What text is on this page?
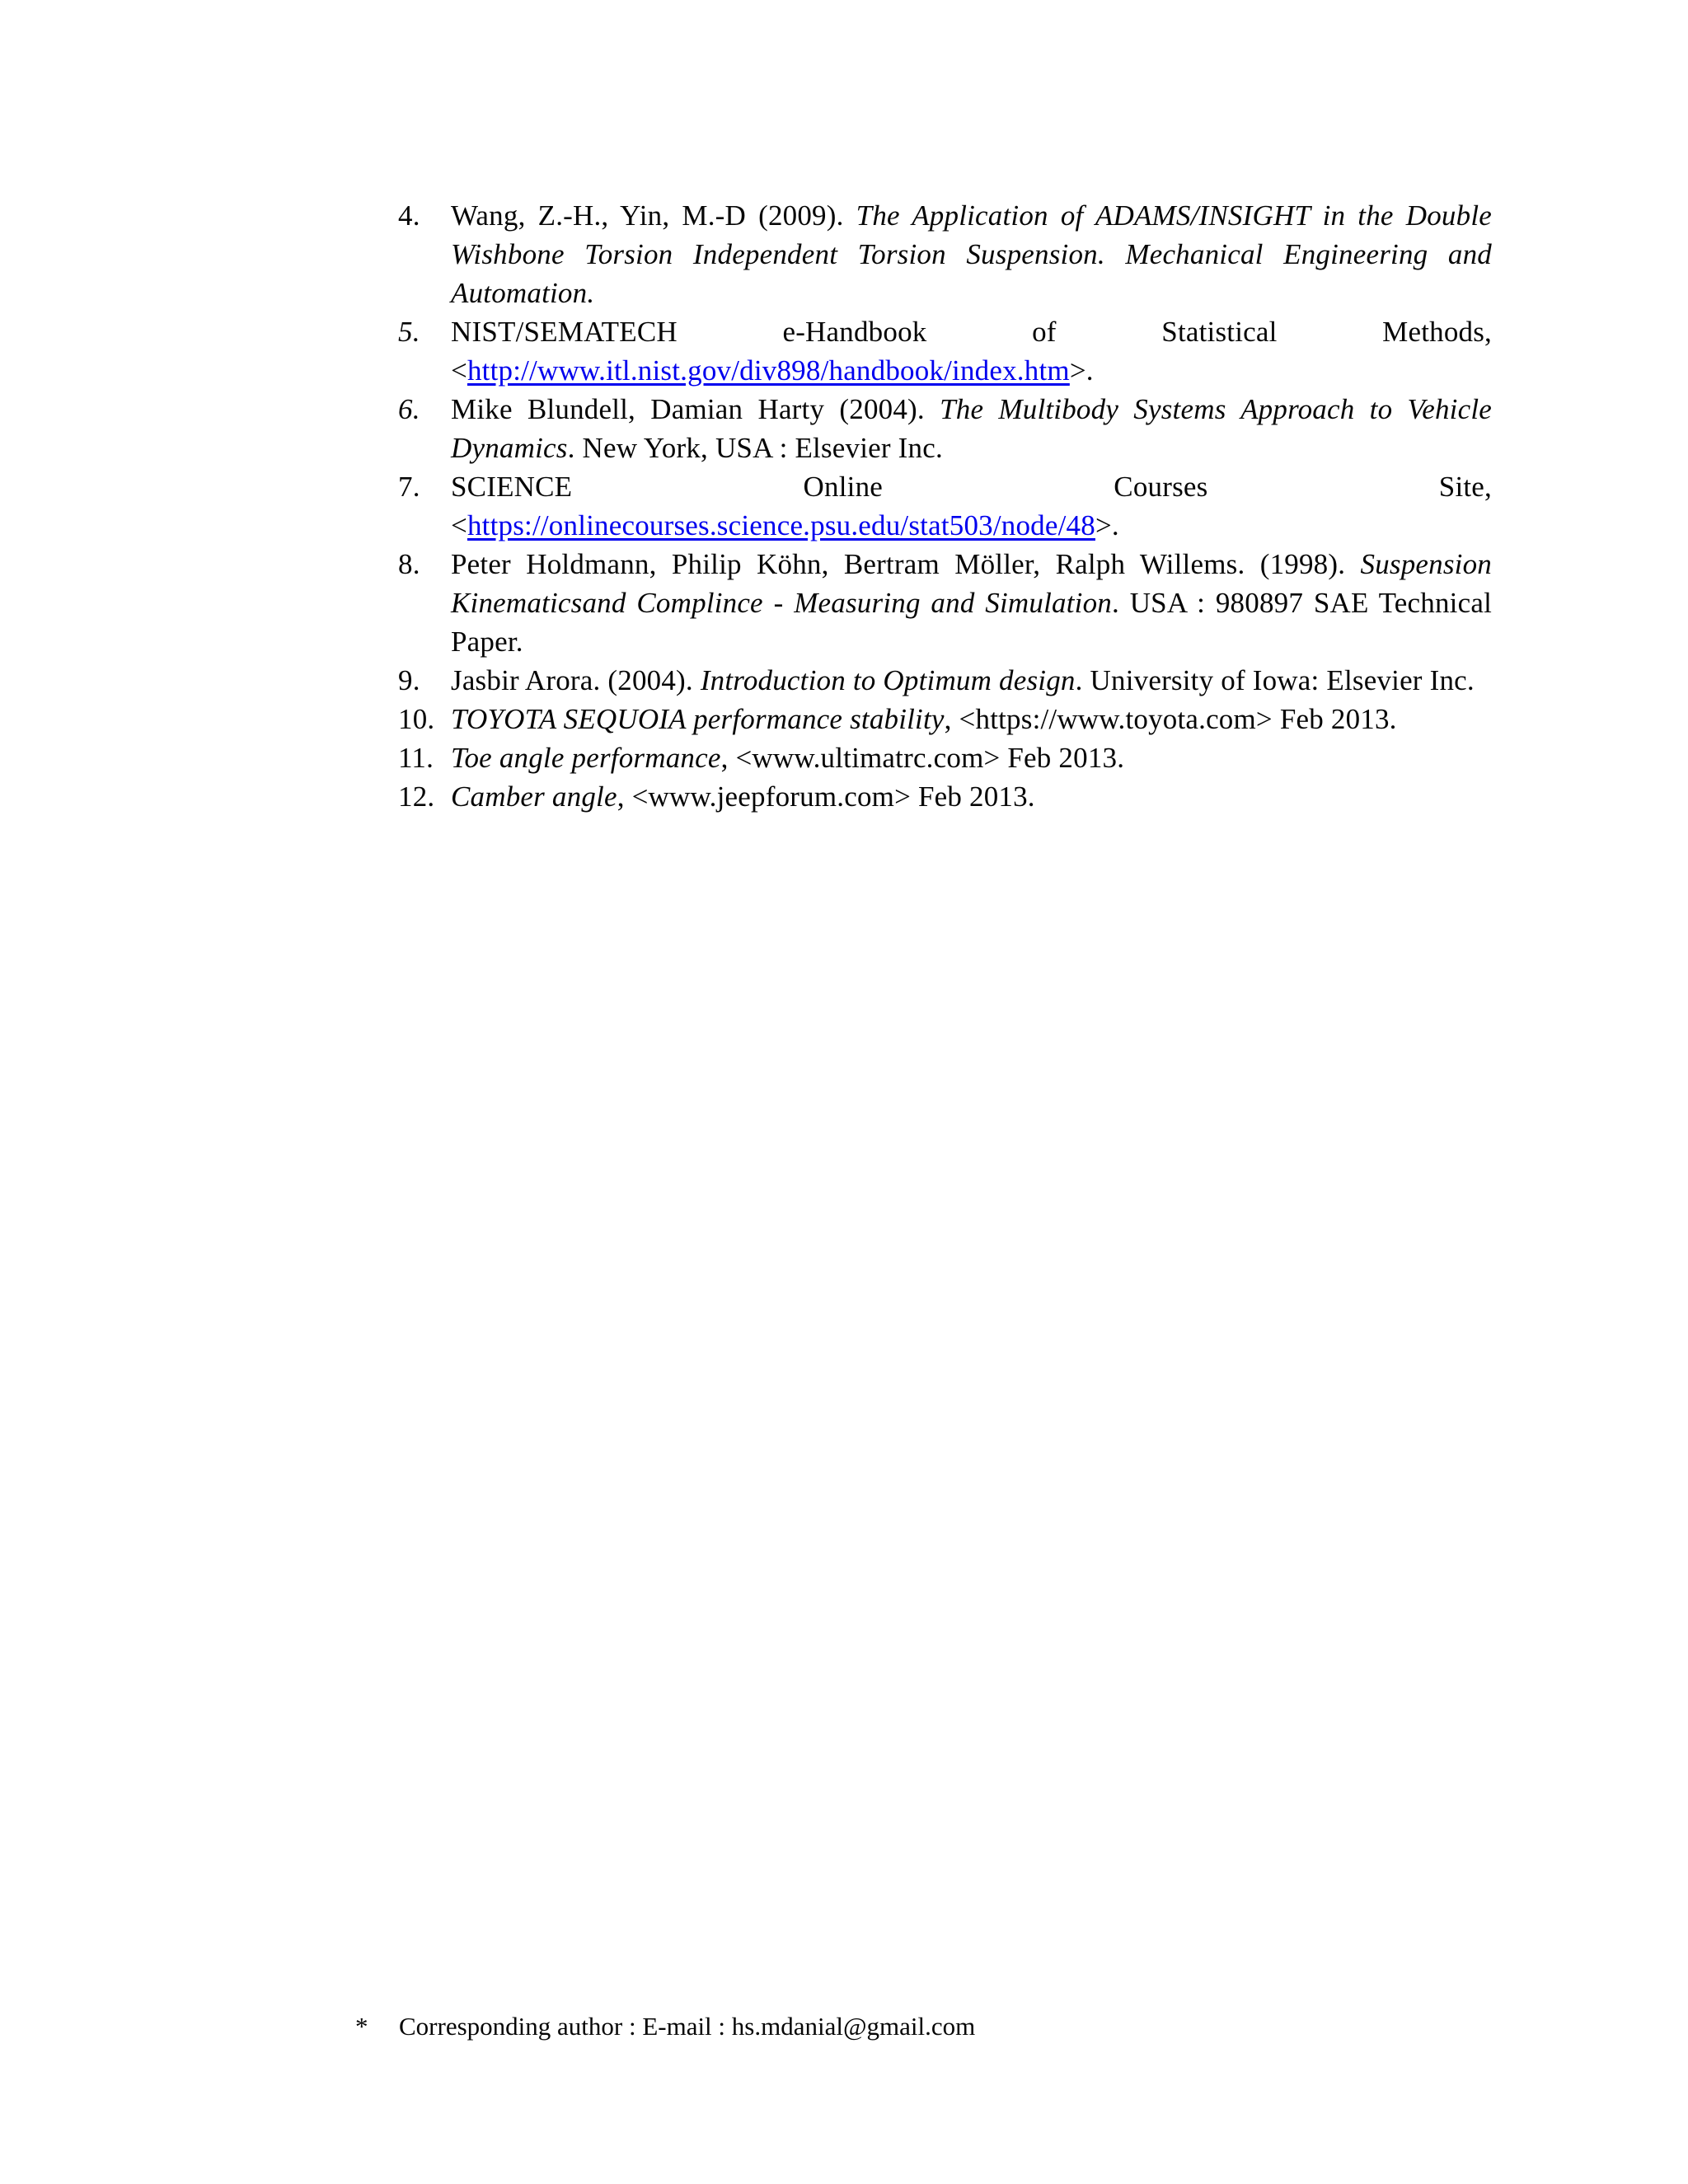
4.	Wang, Z.-H., Yin, M.-D (2009). The Application of ADAMS/INSIGHT in the Double Wishbone Torsion Independent Torsion Suspension. Mechanical Engineering and Automation.
5.	NIST/SEMATECH e-Handbook of Statistical Methods, <http://www.itl.nist.gov/div898/handbook/index.htm>.
6.	Mike Blundell, Damian Harty (2004). The Multibody Systems Approach to Vehicle Dynamics. New York, USA : Elsevier Inc.
7.	SCIENCE Online Courses Site, <https://onlinecourses.science.psu.edu/stat503/node/48>.
8.	Peter Holdmann, Philip Köhn, Bertram Möller, Ralph Willems. (1998). Suspension Kinematicsand Complince - Measuring and Simulation. USA : 980897 SAE Technical Paper.
9.	Jasbir Arora. (2004). Introduction to Optimum design. University of Iowa: Elsevier Inc.
10. TOYOTA SEQUOIA performance stability, <https://www.toyota.com> Feb 2013.
11. Toe angle performance, <www.ultimatrc.com> Feb 2013.
12. Camber angle, <www.jeepforum.com> Feb 2013.
*	Corresponding author : E-mail : hs.mdanial@gmail.com
